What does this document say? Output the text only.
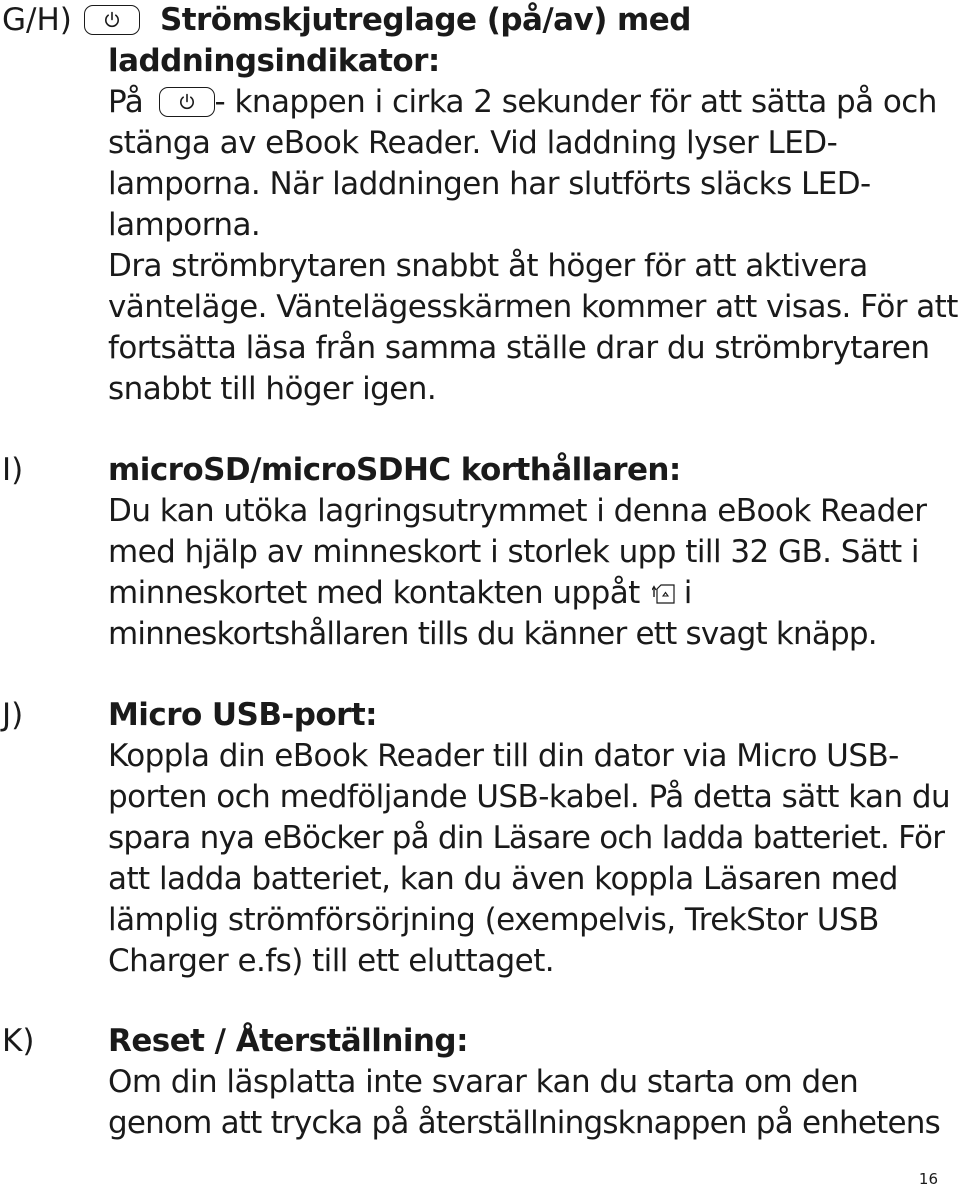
G/H)	Strömskjutreglage (på/av) med
laddningsindikator:
På - knappen i cirka 2 sekunder för att sätta på och
stänga av eBook Reader. Vid laddning lyser LED-
lamporna. När laddningen har slutförts släcks LED-
lamporna.
Dra strömbrytaren snabbt åt höger för att aktivera
vänteläge. Väntelägesskärmen kommer att visas. För att
fortsätta läsa från samma ställe drar du strömbrytaren
snabbt till höger igen.
I)	microSD/microSDHC korthållaren:
Du kan utöka lagringsutrymmet i denna eBook Reader
med hjälp av minneskort i storlek upp till 32 GB. Sätt i
minneskortet med kontakten uppåt i
minneskortshållaren tills du känner ett svagt knäpp.
J)	Micro USB-port:
Koppla din eBook Reader till din dator via Micro USB-
porten och medföljande USB-kabel. På detta sätt kan du
spara nya eBöcker på din Läsare och ladda batteriet. För
att ladda batteriet, kan du även koppla Läsaren med
lämplig strömförsörjning (exempelvis, TrekStor USB
Charger e.fs) till ett eluttaget.
K) Reset / Återställning:
Om din läsplatta inte svarar kan du starta om den
genom att trycka på återställningsknappen på enhetens
16
